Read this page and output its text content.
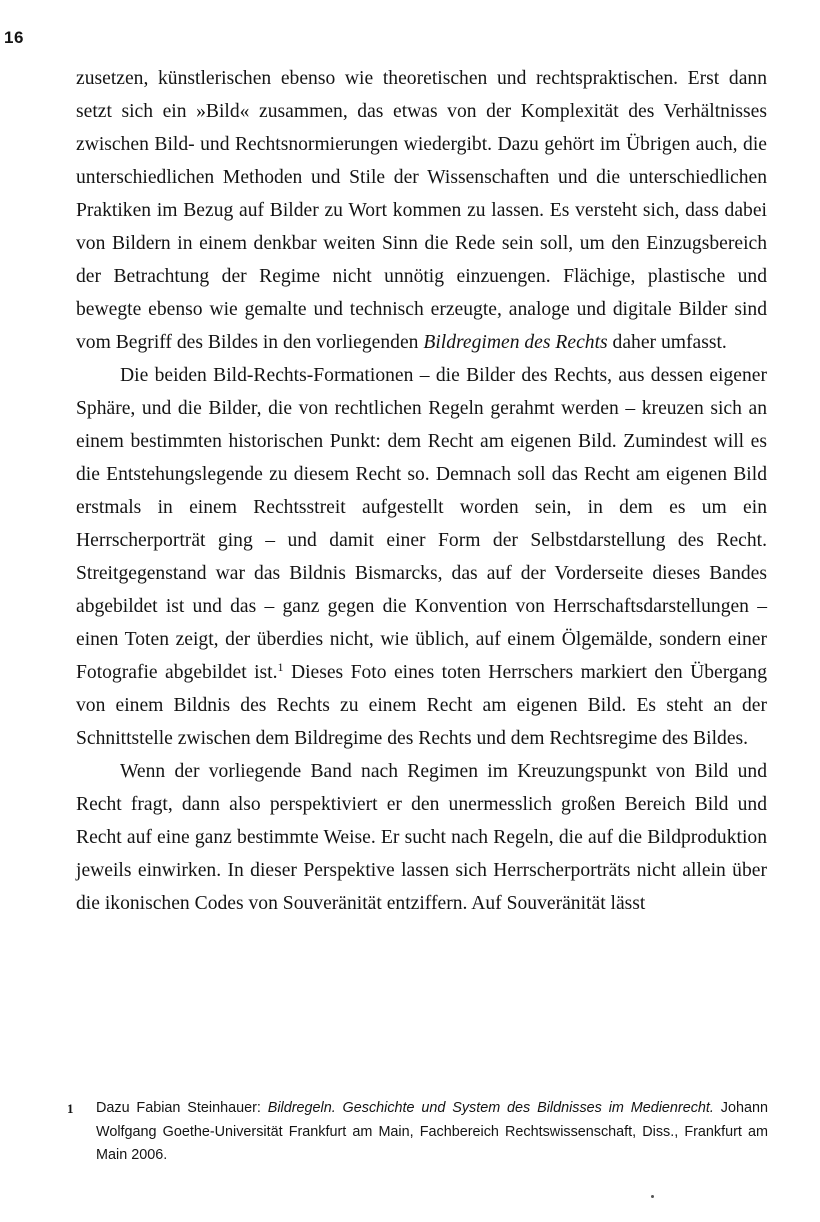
16

zusetzen, künstlerischen ebenso wie theoretischen und rechtspraktischen. Erst dann setzt sich ein »Bild« zusammen, das etwas von der Komplexität des Verhältnisses zwischen Bild- und Rechtsnormierungen wiedergibt. Dazu gehört im Übrigen auch, die unterschiedlichen Methoden und Stile der Wissenschaften und die unterschiedlichen Praktiken im Bezug auf Bilder zu Wort kommen zu lassen. Es versteht sich, dass dabei von Bildern in einem denkbar weiten Sinn die Rede sein soll, um den Einzugsbereich der Betrachtung der Regime nicht unnötig einzuengen. Flächige, plastische und bewegte ebenso wie gemalte und technisch erzeugte, analoge und digitale Bilder sind vom Begriff des Bildes in den vorliegenden Bildregimen des Rechts daher umfasst.

Die beiden Bild-Rechts-Formationen – die Bilder des Rechts, aus dessen eigener Sphäre, und die Bilder, die von rechtlichen Regeln gerahmt werden – kreuzen sich an einem bestimmten historischen Punkt: dem Recht am eigenen Bild. Zumindest will es die Entstehungslegende zu diesem Recht so. Demnach soll das Recht am eigenen Bild erstmals in einem Rechtsstreit aufgestellt worden sein, in dem es um ein Herrscherporträt ging – und damit einer Form der Selbstdarstellung des Recht. Streitgegenstand war das Bildnis Bismarcks, das auf der Vorderseite dieses Bandes abgebildet ist und das – ganz gegen die Konvention von Herrschaftsdarstellungen – einen Toten zeigt, der überdies nicht, wie üblich, auf einem Ölgemälde, sondern einer Fotografie abgebildet ist.$^1$ Dieses Foto eines toten Herrschers markiert den Übergang von einem Bildnis des Rechts zu einem Recht am eigenen Bild. Es steht an der Schnittstelle zwischen dem Bildregime des Rechts und dem Rechtsregime des Bildes.

Wenn der vorliegende Band nach Regimen im Kreuzungspunkt von Bild und Recht fragt, dann also perspektiviert er den unermesslich großen Bereich Bild und Recht auf eine ganz bestimmte Weise. Er sucht nach Regeln, die auf die Bildproduktion jeweils einwirken. In dieser Perspektive lassen sich Herrscherporträts nicht allein über die ikonischen Codes von Souveränität entziffern. Auf Souveränität lässt

1 Dazu Fabian Steinhauer: Bildregeln. Geschichte und System des Bildnisses im Medienrecht. Johann Wolfgang Goethe-Universität Frankfurt am Main, Fachbereich Rechtswissenschaft, Diss., Frankfurt am Main 2006.
